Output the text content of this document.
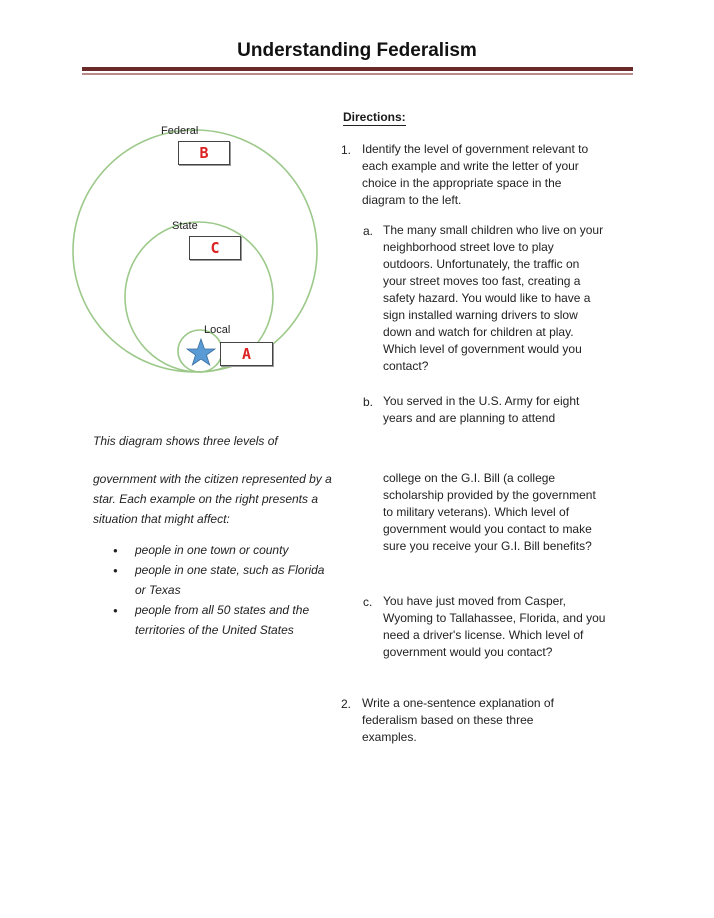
Understanding Federalism
Federal
B
State
C
Local
A
This diagram shows three levels of
government with the citizen represented by a star. Each example on the right presents a situation that might affect:
● people in one town or county
● people in one state, such as Florida or Texas
● people from all 50 states and the territories of the United States
Directions:
1. Identify the level of government relevant to each example and write the letter of your choice in the appropriate space in the diagram to the left.
a. The many small children who live on your neighborhood street love to play outdoors. Unfortunately, the traffic on your street moves too fast, creating a safety hazard. You would like to have a sign installed warning drivers to slow down and watch for children at play. Which level of government would you contact?
b. You served in the U.S. Army for eight years and are planning to attend
college on the G.I. Bill (a college scholarship provided by the government to military veterans). Which level of government would you contact to make sure you receive your G.I. Bill benefits?
c. You have just moved from Casper, Wyoming to Tallahassee, Florida, and you need a driver's license. Which level of government would you contact?
2. Write a one-sentence explanation of federalism based on these three examples.
